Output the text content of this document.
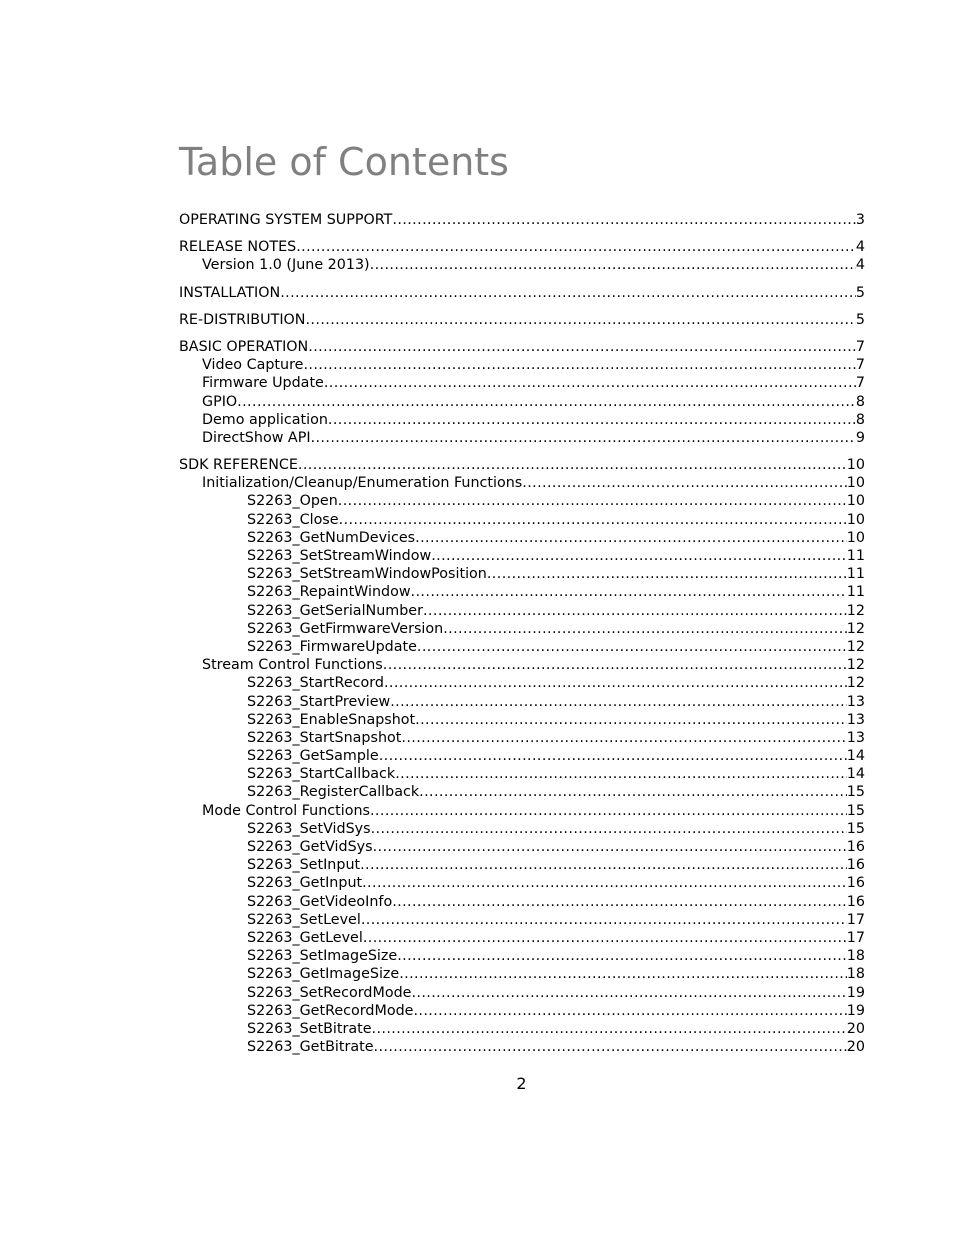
Table of Contents
OPERATING SYSTEM SUPPORT .....	3
RELEASE NOTES .....	4
Version 1.0 (June 2013) .....	4
INSTALLATION .....	5
RE-DISTRIBUTION .....	5
BASIC OPERATION .....	7
Video Capture .....	7
Firmware Update .....	7
GPIO .....	8
Demo application .....	8
DirectShow API .....	9
SDK REFERENCE .....	10
Initialization/Cleanup/Enumeration Functions .....	10
S2263_Open .....	10
S2263_Close .....	10
S2263_GetNumDevices .....	10
S2263_SetStreamWindow .....	11
S2263_SetStreamWindowPosition .....	11
S2263_RepaintWindow .....	11
S2263_GetSerialNumber .....	12
S2263_GetFirmwareVersion .....	12
S2263_FirmwareUpdate .....	12
Stream Control Functions .....	12
S2263_StartRecord .....	12
S2263_StartPreview .....	13
S2263_EnableSnapshot .....	13
S2263_StartSnapshot .....	13
S2263_GetSample .....	14
S2263_StartCallback .....	14
S2263_RegisterCallback .....	15
Mode Control Functions .....	15
S2263_SetVidSys .....	15
S2263_GetVidSys .....	16
S2263_SetInput .....	16
S2263_GetInput .....	16
S2263_GetVideoInfo .....	16
S2263_SetLevel .....	17
S2263_GetLevel .....	17
S2263_SetImageSize .....	18
S2263_GetImageSize .....	18
S2263_SetRecordMode .....	19
S2263_GetRecordMode .....	19
S2263_SetBitrate .....	20
S2263_GetBitrate .....	20
2
